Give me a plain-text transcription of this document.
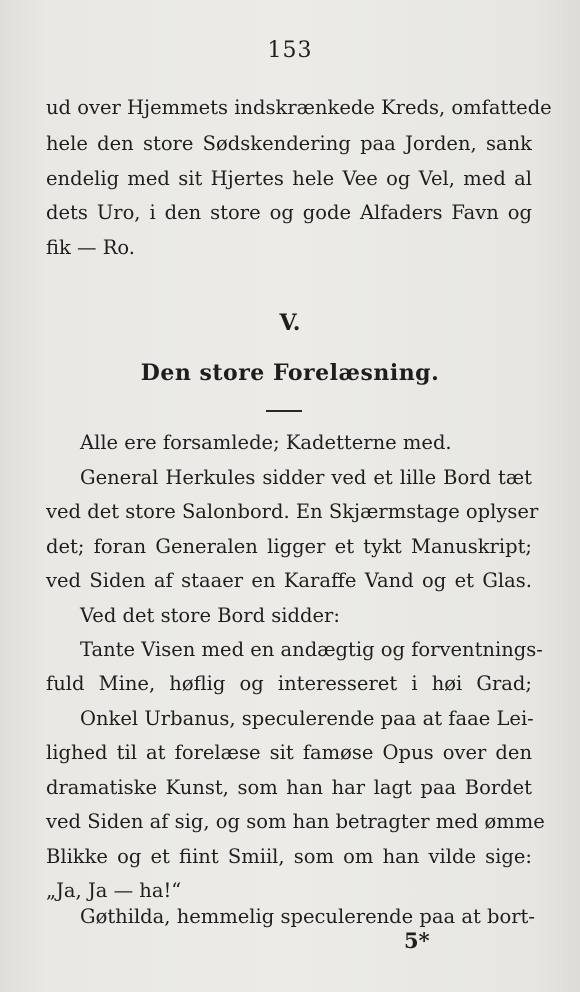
153
ud over Hjemmets indskrænkede Kreds, omfattede
hele den store Sødskendering paa Jorden, sank
endelig med sit Hjertes hele Vee og Vel, med al
dets Uro, i den store og gode Alfaders Favn og
fik — Ro.
V.
Den store Forelæsning.
Alle ere forsamlede; Kadetterne med.
General Herkules sidder ved et lille Bord tæt
ved det store Salonbord. En Skjærmstage oplyser
det; foran Generalen ligger et tykt Manuskript;
ved Siden af staaer en Karaffe Vand og et Glas.
Ved det store Bord sidder:
Tante Visen med en andægtig og forventnings-
fuld Mine, høflig og interesseret i høi Grad;
Onkel Urbanus, speculerende paa at faae Lei-
lighed til at forelæse sit famøse Opus over den
dramatiske Kunst, som han har lagt paa Bordet
ved Siden af sig, og som han betragter med ømme
Blikke og et fiint Smiil, som om han vilde sige:
„Ja, Ja — ha!“
Gøthilda, hemmelig speculerende paa at bort-
5*
